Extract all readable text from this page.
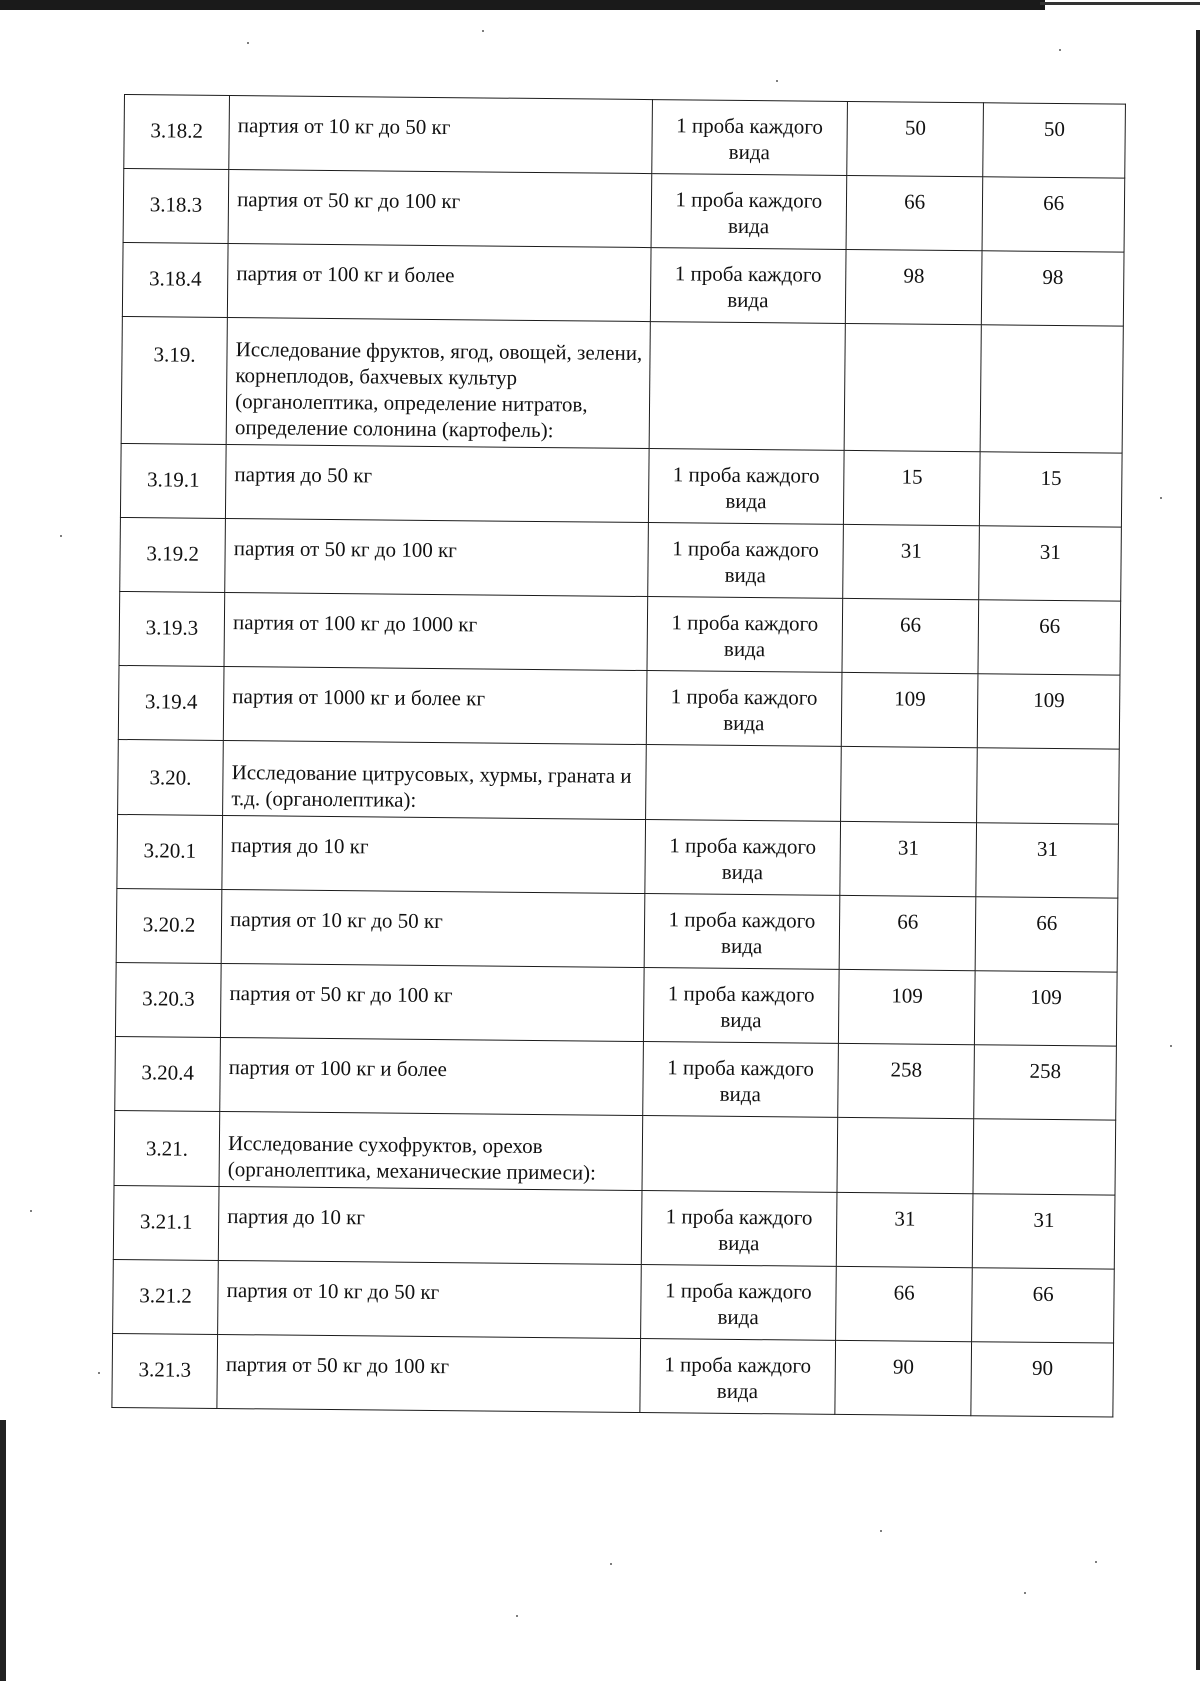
3.18.2	партия от 10 кг до 50 кг	1 проба каждого вида	50	50
3.18.3	партия от 50 кг до 100 кг	1 проба каждого вида	66	66
3.18.4	партия от 100 кг и более	1 проба каждого вида	98	98
3.19.	Исследование фруктов, ягод, овощей, зелени, корнеплодов, бахчевых культур (органолептика, определение нитратов, определение солонина (картофель):			
3.19.1	партия до 50 кг	1 проба каждого вида	15	15
3.19.2	партия от 50 кг до 100 кг	1 проба каждого вида	31	31
3.19.3	партия от 100 кг до 1000 кг	1 проба каждого вида	66	66
3.19.4	партия от 1000 кг и более кг	1 проба каждого вида	109	109
3.20.	Исследование цитрусовых, хурмы, граната и т.д. (органолептика):			
3.20.1	партия до 10 кг	1 проба каждого вида	31	31
3.20.2	партия от 10 кг до 50 кг	1 проба каждого вида	66	66
3.20.3	партия от 50 кг до 100 кг	1 проба каждого вида	109	109
3.20.4	партия от 100 кг и более	1 проба каждого вида	258	258
3.21.	Исследование сухофруктов, орехов (органолептика, механические примеси):			
3.21.1	партия до 10 кг	1 проба каждого вида	31	31
3.21.2	партия от 10 кг до 50 кг	1 проба каждого вида	66	66
3.21.3	партия от 50 кг до 100 кг	1 проба каждого вида	90	90
